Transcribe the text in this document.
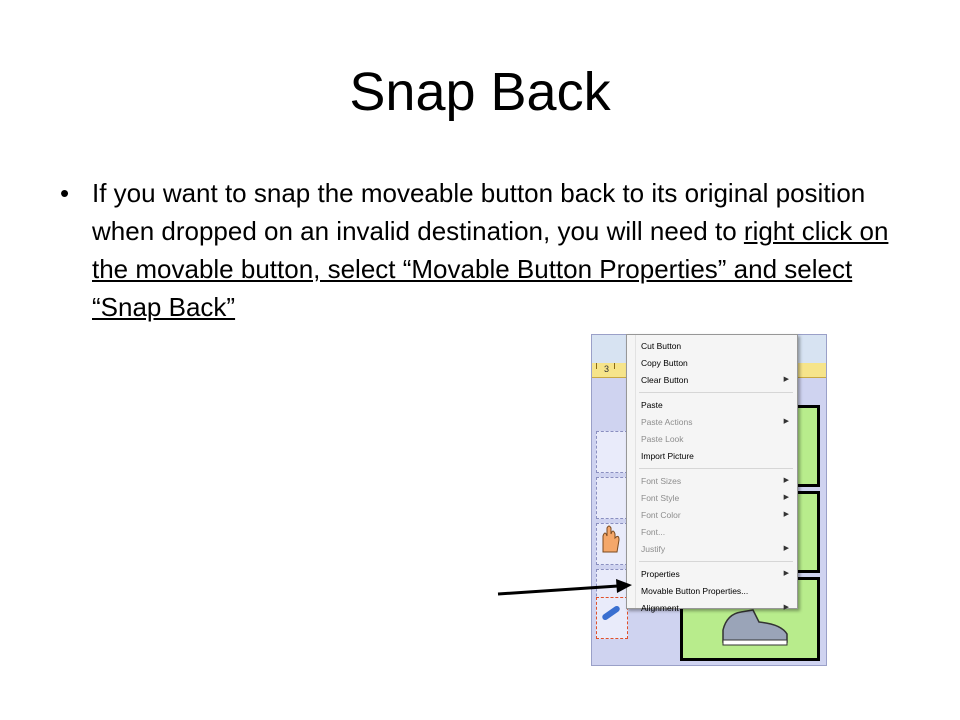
Snap Back
• If you want to snap the moveable button back to its original position when dropped on an invalid destination, you will need to right click on the movable button, select “Movable Button Properties” and select “Snap Back”
3
Cut Button
Copy Button
Clear Button	▶
Paste
Paste Actions	▶
Paste Look
Import Picture
Font Sizes	▶
Font Style	▶
Font Color	▶
Font...
Justify	▶
Properties	▶
Movable Button Properties...
Alignment	▶
